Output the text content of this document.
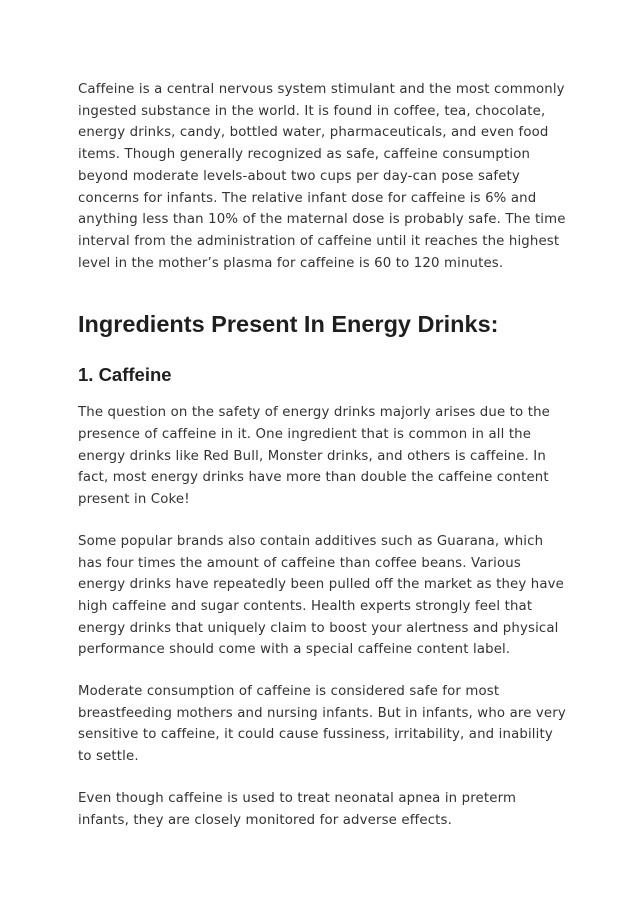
Caffeine is a central nervous system stimulant and the most commonly ingested substance in the world. It is found in coffee, tea, chocolate, energy drinks, candy, bottled water, pharmaceuticals, and even food items. Though generally recognized as safe, caffeine consumption beyond moderate levels-about two cups per day-can pose safety concerns for infants. The relative infant dose for caffeine is 6% and anything less than 10% of the maternal dose is probably safe. The time interval from the administration of caffeine until it reaches the highest level in the mother’s plasma for caffeine is 60 to 120 minutes.

Ingredients Present In Energy Drinks:
1. Caffeine

The question on the safety of energy drinks majorly arises due to the presence of caffeine in it. One ingredient that is common in all the energy drinks like Red Bull, Monster drinks, and others is caffeine. In fact, most energy drinks have more than double the caffeine content present in Coke!

Some popular brands also contain additives such as Guarana, which has four times the amount of caffeine than coffee beans. Various energy drinks have repeatedly been pulled off the market as they have high caffeine and sugar contents. Health experts strongly feel that energy drinks that uniquely claim to boost your alertness and physical performance should come with a special caffeine content label.

Moderate consumption of caffeine is considered safe for most breastfeeding mothers and nursing infants. But in infants, who are very sensitive to caffeine, it could cause fussiness, irritability, and inability to settle.

Even though caffeine is used to treat neonatal apnea in preterm infants, they are closely monitored for adverse effects.
